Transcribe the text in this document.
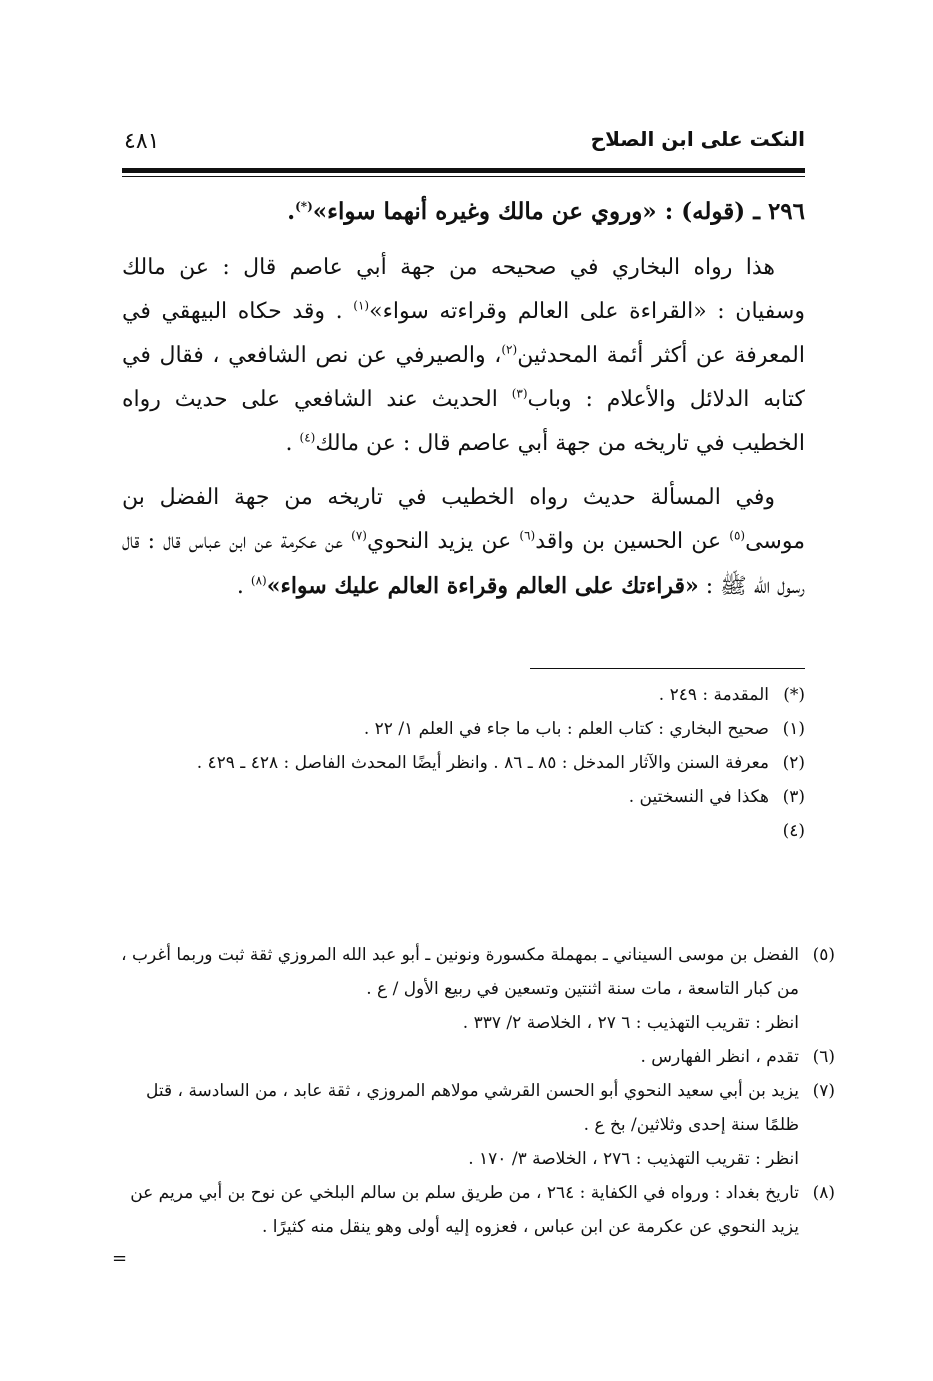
النكت على ابن الصلاح
٤٨١

٢٩٦ ـ (قوله) : «وروي عن مالك وغيره أنهما سواء»(*).

هذا رواه البخاري في صحيحه من جهة أبي عاصم قال : عن مالك وسفيان : «القراءة على العالم وقراءته سواء»$^{(١)}$ . وقد حكاه البيهقي في المعرفة عن أكثر أئمة المحدثين$^{(٢)}$، والصيرفي عن نص الشافعي ، فقال في كتابه الدلائل والأعلام : وباب$^{(٣)}$ الحديث عند الشافعي على حديث رواه الخطيب في تاريخه من جهة أبي عاصم قال : عن مالك$^{(٤)}$ .

وفي المسألة حديث رواه الخطيب في تاريخه من جهة الفضل بن موسى$^{(٥)}$ عن الحسين بن واقد$^{(٦)}$ عن يزيد النحوي$^{(٧)}$ عن عكرمة عن ابن عباس قال : قال رسول الله ﷺ : «قراءتك على العالم وقراءة العالم عليك سواء»$^{(٨)}$ .

(*)
المقدمة : ٢٤٩ .

(١)
صحيح البخاري : كتاب العلم : باب ما جاء في العلم ١/ ٢٢ .

(٢)
معرفة السنن والآثار المدخل : ٨٥ ـ ٨٦ . وانظر أيضًا المحدث الفاصل : ٤٢٨ ـ ٤٢٩ .

(٣)
هكذا في النسختين .

(٤)

(٥)
الفضل بن موسى السيناني ـ بمهملة مكسورة ونونين ـ أبو عبد الله المروزي ثقة ثبت وربما أغرب ، من كبار التاسعة ، مات سنة اثنتين وتسعين في ربيع الأول / ع .
انظر : تقريب التهذيب : ٦ ٢٧ ، الخلاصة ٢/ ٣٣٧ .

(٦)
تقدم ، انظر الفهارس .

(٧)
يزيد بن أبي سعيد النحوي أبو الحسن القرشي مولاهم المروزي ، ثقة عابد ، من السادسة ، قتل ظلمًا سنة إحدى وثلاثين/ بخ ع .
انظر : تقريب التهذيب : ٢٧٦ ، الخلاصة ٣/ ١٧٠ .

(٨)
تاريخ بغداد : ورواه في الكفاية : ٢٦٤ ، من طريق سلم بن سالم البلخي عن نوح بن أبي مريم عن يزيد النحوي عن عكرمة عن ابن عباس ، فعزوه إليه أولى وهو ينقل منه كثيرًا .

=
